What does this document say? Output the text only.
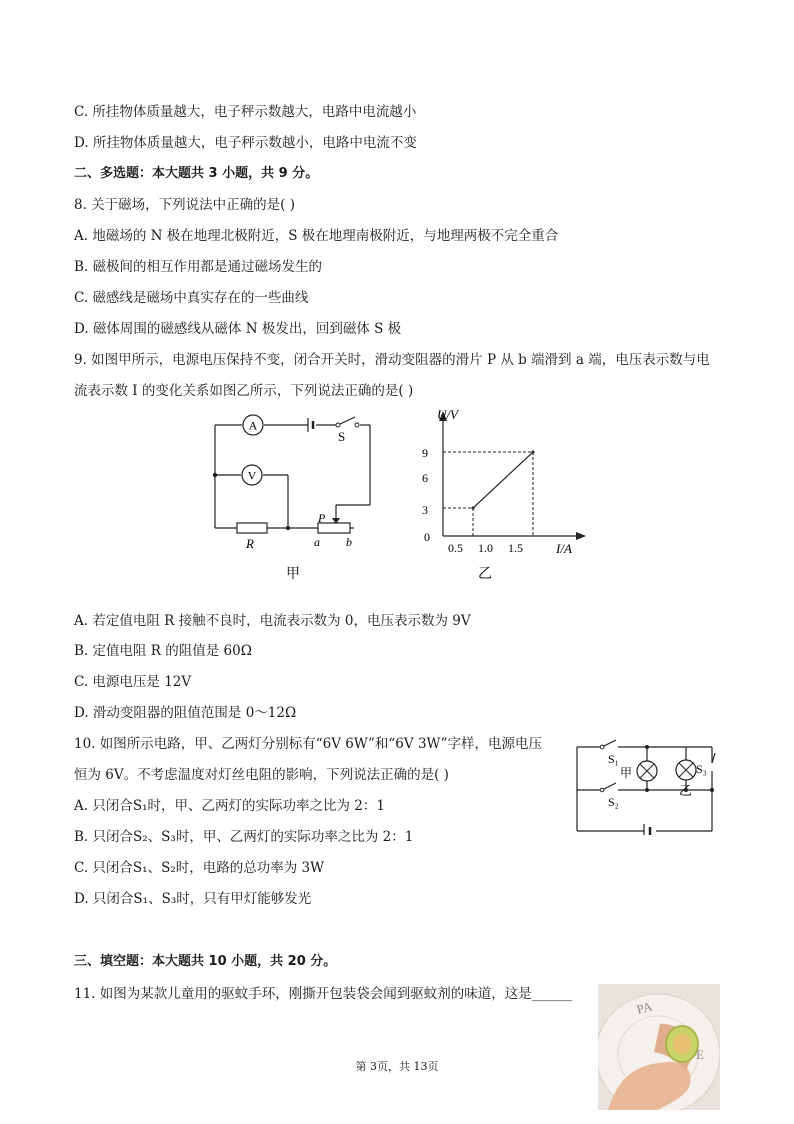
C. 所挂物体质量越大，电子秤示数越大，电路中电流越小
D. 所挂物体质量越大，电子秤示数越小，电路中电流不变
二、多选题：本大题共 3 小题，共 9 分。
8. 关于磁场，下列说法中正确的是( )
A. 地磁场的 N 极在地理北极附近，S 极在地理南极附近，与地理两极不完全重合
B. 磁极间的相互作用都是通过磁场发生的
C. 磁感线是磁场中真实存在的一些曲线
D. 磁体周围的磁感线从磁体 N 极发出，回到磁体 S 极
9. 如图甲所示，电源电压保持不变，闭合开关时，滑动变阻器的滑片 P 从 b 端滑到 a 端，电压表示数与电
流表示数 I 的变化关系如图乙所示，下列说法正确的是( )
A
V
S
R
P
a b
甲
U/V
I/A
0
3
6
9
0.5 1.0 1.5
乙
A. 若定值电阻 R 接触不良时，电流表示数为 0，电压表示数为 9V
B. 定值电阻 R 的阻值是 60Ω
C. 电源电压是 12V
D. 滑动变阻器的阻值范围是 0～12Ω
10. 如图所示电路，甲、乙两灯分别标有“6V 6W”和“6V 3W”字样，电源电压
恒为 6V。不考虑温度对灯丝电阻的影响，下列说法正确的是( )
A. 只闭合S₁时，甲、乙两灯的实际功率之比为 2：1
B. 只闭合S₂、S₃时，甲、乙两灯的实际功率之比为 2：1
C. 只闭合S₁、S₂时，电路的总功率为 3W
D. 只闭合S₁、S₃时，只有甲灯能够发光
S₁
S₂
S₃
甲
乙
三、填空题：本大题共 10 小题，共 20 分。
11. 如图为某款儿童用的驱蚊手环，刚撕开包装袋会闻到驱蚊剂的味道，这是______
PA
E
第 3页，共 13页
